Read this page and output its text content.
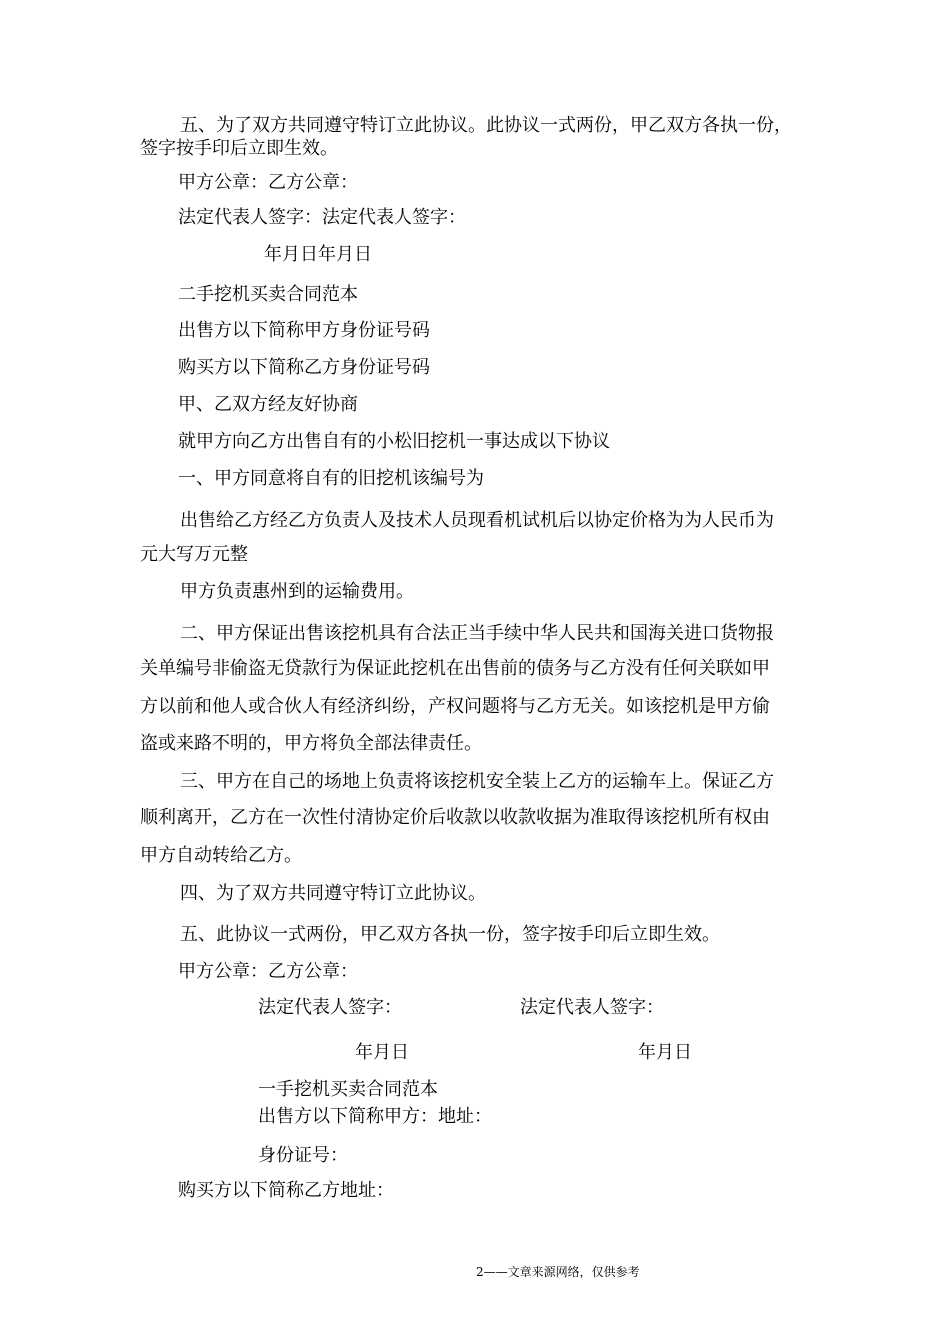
五、为了双方共同遵守特订立此协议。此协议一式两份，甲乙双方各执一份，
签字按手印后立即生效。
甲方公章：乙方公章：
法定代表人签字：法定代表人签字：
年月日年月日
二手挖机买卖合同范本
出售方以下简称甲方身份证号码
购买方以下简称乙方身份证号码
甲、乙双方经友好协商
就甲方向乙方出售自有的小松旧挖机一事达成以下协议
一、甲方同意将自有的旧挖机该编号为
出售给乙方经乙方负责人及技术人员现看机试机后以协定价格为为人民币为
元大写万元整
甲方负责惠州到的运输费用。
二、甲方保证出售该挖机具有合法正当手续中华人民共和国海关进口货物报
关单编号非偷盗无贷款行为保证此挖机在出售前的债务与乙方没有任何关联如甲
方以前和他人或合伙人有经济纠纷，产权问题将与乙方无关。如该挖机是甲方偷
盗或来路不明的，甲方将负全部法律责任。
三、甲方在自己的场地上负责将该挖机安全装上乙方的运输车上。保证乙方
顺利离开，乙方在一次性付清协定价后收款以收款收据为准取得该挖机所有权由
甲方自动转给乙方。
四、为了双方共同遵守特订立此协议。
五、此协议一式两份，甲乙双方各执一份，签字按手印后立即生效。
甲方公章：乙方公章：
法定代表人签字：	法定代表人签字：
年月日	年月日
一手挖机买卖合同范本
出售方以下简称甲方：地址：
身份证号：
购买方以下简称乙方地址：
2——文章来源网络，仅供参考
